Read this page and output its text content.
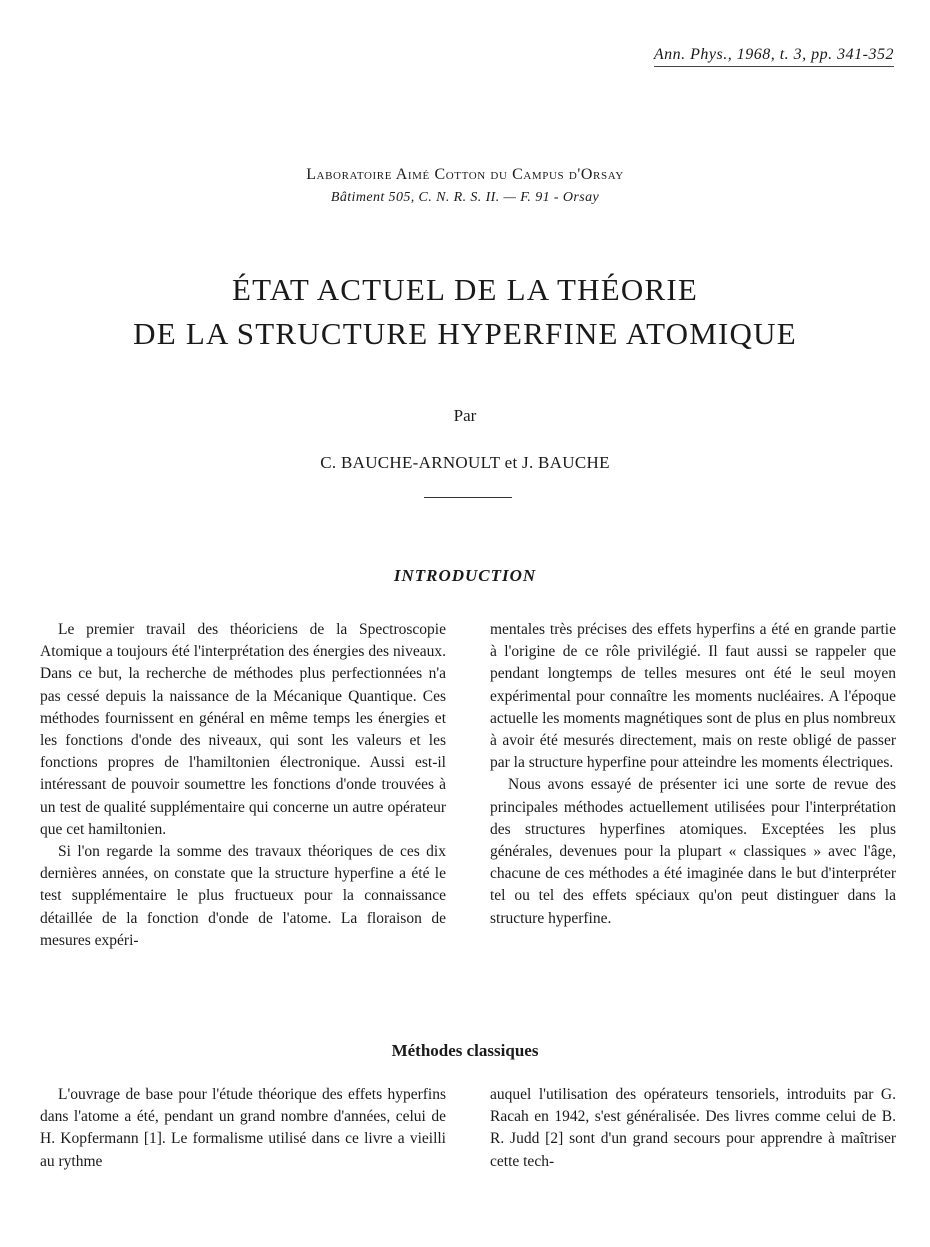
Ann. Phys., 1968, t. 3, pp. 341-352
Laboratoire Aimé Cotton du Campus d'Orsay
Bâtiment 505, C. N. R. S. II. — F. 91 - Orsay
ÉTAT ACTUEL DE LA THÉORIE
DE LA STRUCTURE HYPERFINE ATOMIQUE
Par
C. BAUCHE-ARNOULT et J. BAUCHE
INTRODUCTION

Le premier travail des théoriciens de la Spectroscopie Atomique a toujours été l'interprétation des énergies des niveaux. Dans ce but, la recherche de méthodes plus perfectionnées n'a pas cessé depuis la naissance de la Mécanique Quantique. Ces méthodes fournissent en général en même temps les énergies et les fonctions d'onde des niveaux, qui sont les valeurs et les fonctions propres de l'hamiltonien électronique. Aussi est-il intéressant de pouvoir soumettre les fonctions d'onde trouvées à un test de qualité supplémentaire qui concerne un autre opérateur que cet hamiltonien.

Si l'on regarde la somme des travaux théoriques de ces dix dernières années, on constate que la structure hyperfine a été le test supplémentaire le plus fructueux pour la connaissance détaillée de la fonction d'onde de l'atome. La floraison de mesures expéri-

mentales très précises des effets hyperfins a été en grande partie à l'origine de ce rôle privilégié. Il faut aussi se rappeler que pendant longtemps de telles mesures ont été le seul moyen expérimental pour connaître les moments nucléaires. A l'époque actuelle les moments magnétiques sont de plus en plus nombreux à avoir été mesurés directement, mais on reste obligé de passer par la structure hyperfine pour atteindre les moments électriques.

Nous avons essayé de présenter ici une sorte de revue des principales méthodes actuellement utilisées pour l'interprétation des structures hyperfines atomiques. Exceptées les plus générales, devenues pour la plupart « classiques » avec l'âge, chacune de ces méthodes a été imaginée dans le but d'interpréter tel ou tel des effets spéciaux qu'on peut distinguer dans la structure hyperfine.

Méthodes classiques

L'ouvrage de base pour l'étude théorique des effets hyperfins dans l'atome a été, pendant un grand nombre d'années, celui de H. Kopfermann [1]. Le formalisme utilisé dans ce livre a vieilli au rythme

auquel l'utilisation des opérateurs tensoriels, introduits par G. Racah en 1942, s'est généralisée. Des livres comme celui de B. R. Judd [2] sont d'un grand secours pour apprendre à maîtriser cette tech-
